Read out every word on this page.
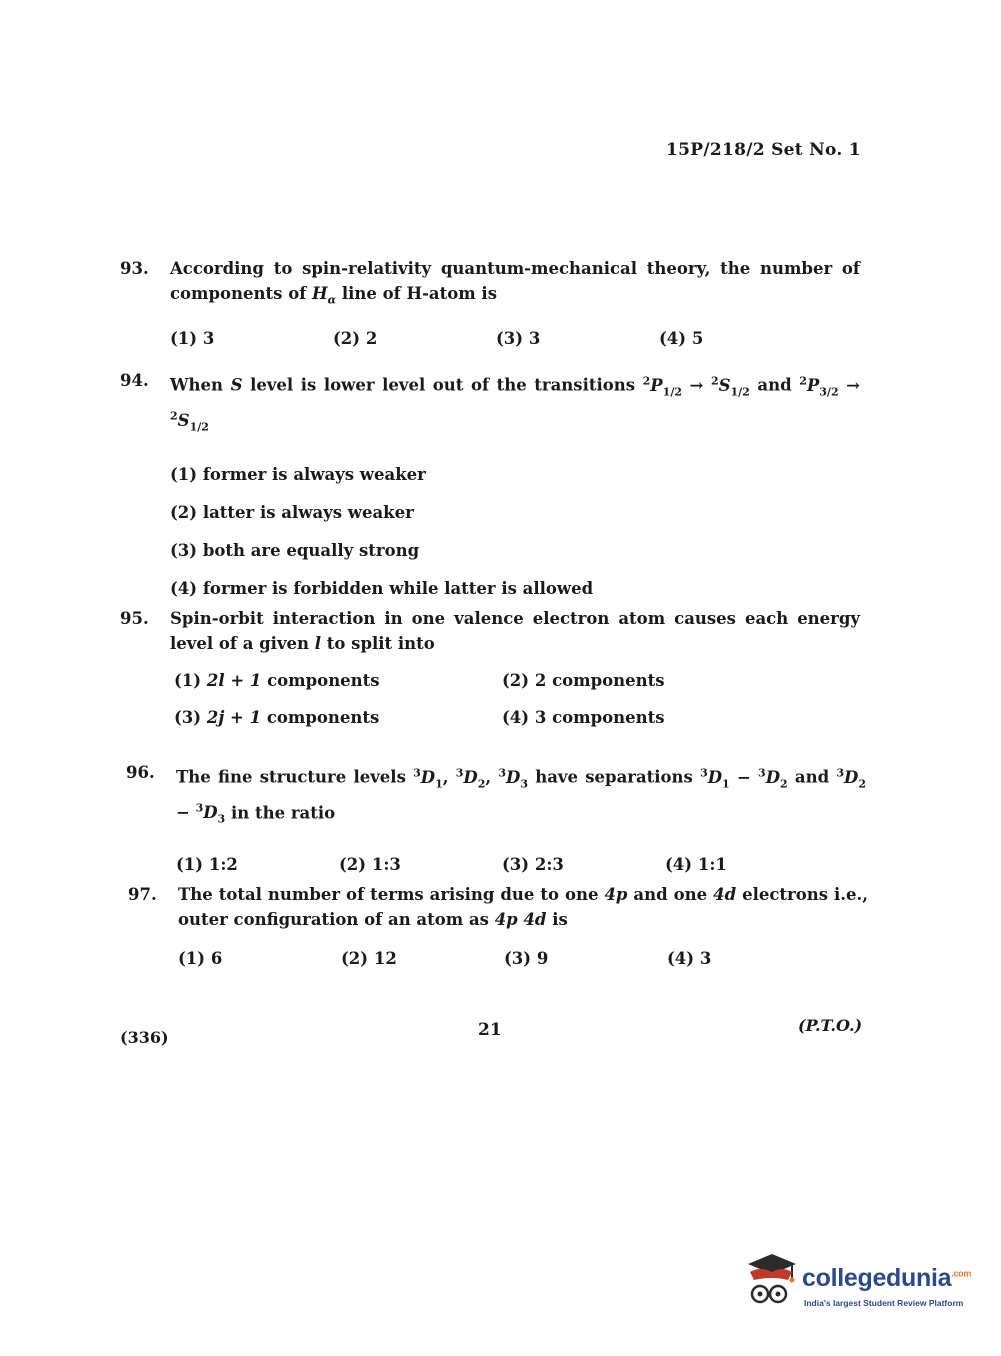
15P/218/2 Set No. 1
93.	According to spin-relativity quantum-mechanical theory, the number of components of $H_\alpha$ line of H-atom is
(1) 3	(2) 2	(3) 3	(4) 5
94.	When S level is lower level out of the transitions $^2P_{1/2} \to ^2S_{1/2}$ and $^2P_{3/2} \to ^2S_{1/2}$
(1) former is always weaker
(2) latter is always weaker
(3) both are equally strong
(4) former is forbidden while latter is allowed
95.	Spin-orbit interaction in one valence electron atom causes each energy level of a given l to split into
(1) 2l + 1 components	(2) 2 components
(3) 2j + 1 components	(4) 3 components
96.	The fine structure levels $^3D_1$, $^3D_2$, $^3D_3$ have separations $^3D_1 - ^3D_2$ and $^3D_2 - ^3D_3$ in the ratio
(1) 1:2	(2) 1:3	(3) 2:3	(4) 1:1
97.	The total number of terms arising due to one 4p and one 4d electrons i.e., outer configuration of an atom as 4p 4d is
(1) 6	(2) 12	(3) 9	(4) 3
(336)	21	(P.T.O.)
collegedunia$^{.com}$
India's largest Student Review Platform
